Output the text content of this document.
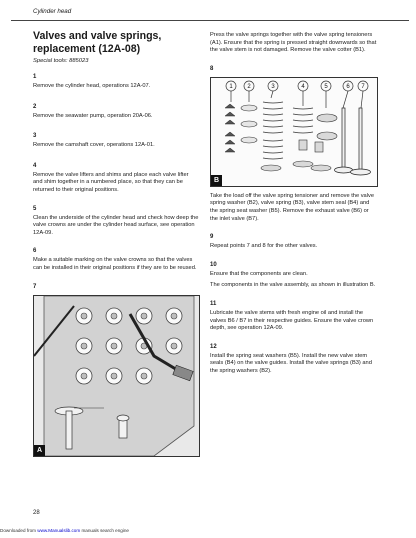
Cylinder head
Valves and valve springs,
replacement (12A-08)
Special tools: 885023
1
Remove the cylinder head, operations 12A-07.
2
Remove the seawater pump, operation 20A-06.
3
Remove the camshaft cover, operations 12A-01.
4
Remove the valve lifters and shims and place each valve lifter and shim together in a numbered place, so that they can be returned to their original positions.
5
Clean the underside of the cylinder head and check how deep the valve crowns are under the cylinder head surface, see operation 12A-09.
6
Make a suitable marking on the valve crowns so that the valves can be installed in their original positions if they are to be reused.
7
A
Press the valve springs together with the valve spring tensioners (A1). Ensure that the spring is pressed straight downwards so that the valve stem is not damaged. Remove the valve cotter (B1).
8
1 2	3	4	5	6 7
B
Take the load off the valve spring tensioner and remove the valve spring washer (B2), valve spring (B3), valve stem seal (B4) and the spring seat washer (B5). Remove the exhaust valve (B6) or the inlet valve (B7).
9
Repeat points 7 and 8 for the other valves.
10
Ensure that the components are clean.
The components in the valve assembly, as shown in illustration B.
11
Lubricate the valve stems with fresh engine oil and install the valves B6 / B7 in their respective guides. Ensure the valve crown depth, see operation 12A-09.
12
Install the spring seat washers (B5). Install the new valve stem seals (B4) on the valve guides. Install the valve springs (B3) and the spring washers (B2).
28
Downloaded from www.Manualslib.com manuals search engine
